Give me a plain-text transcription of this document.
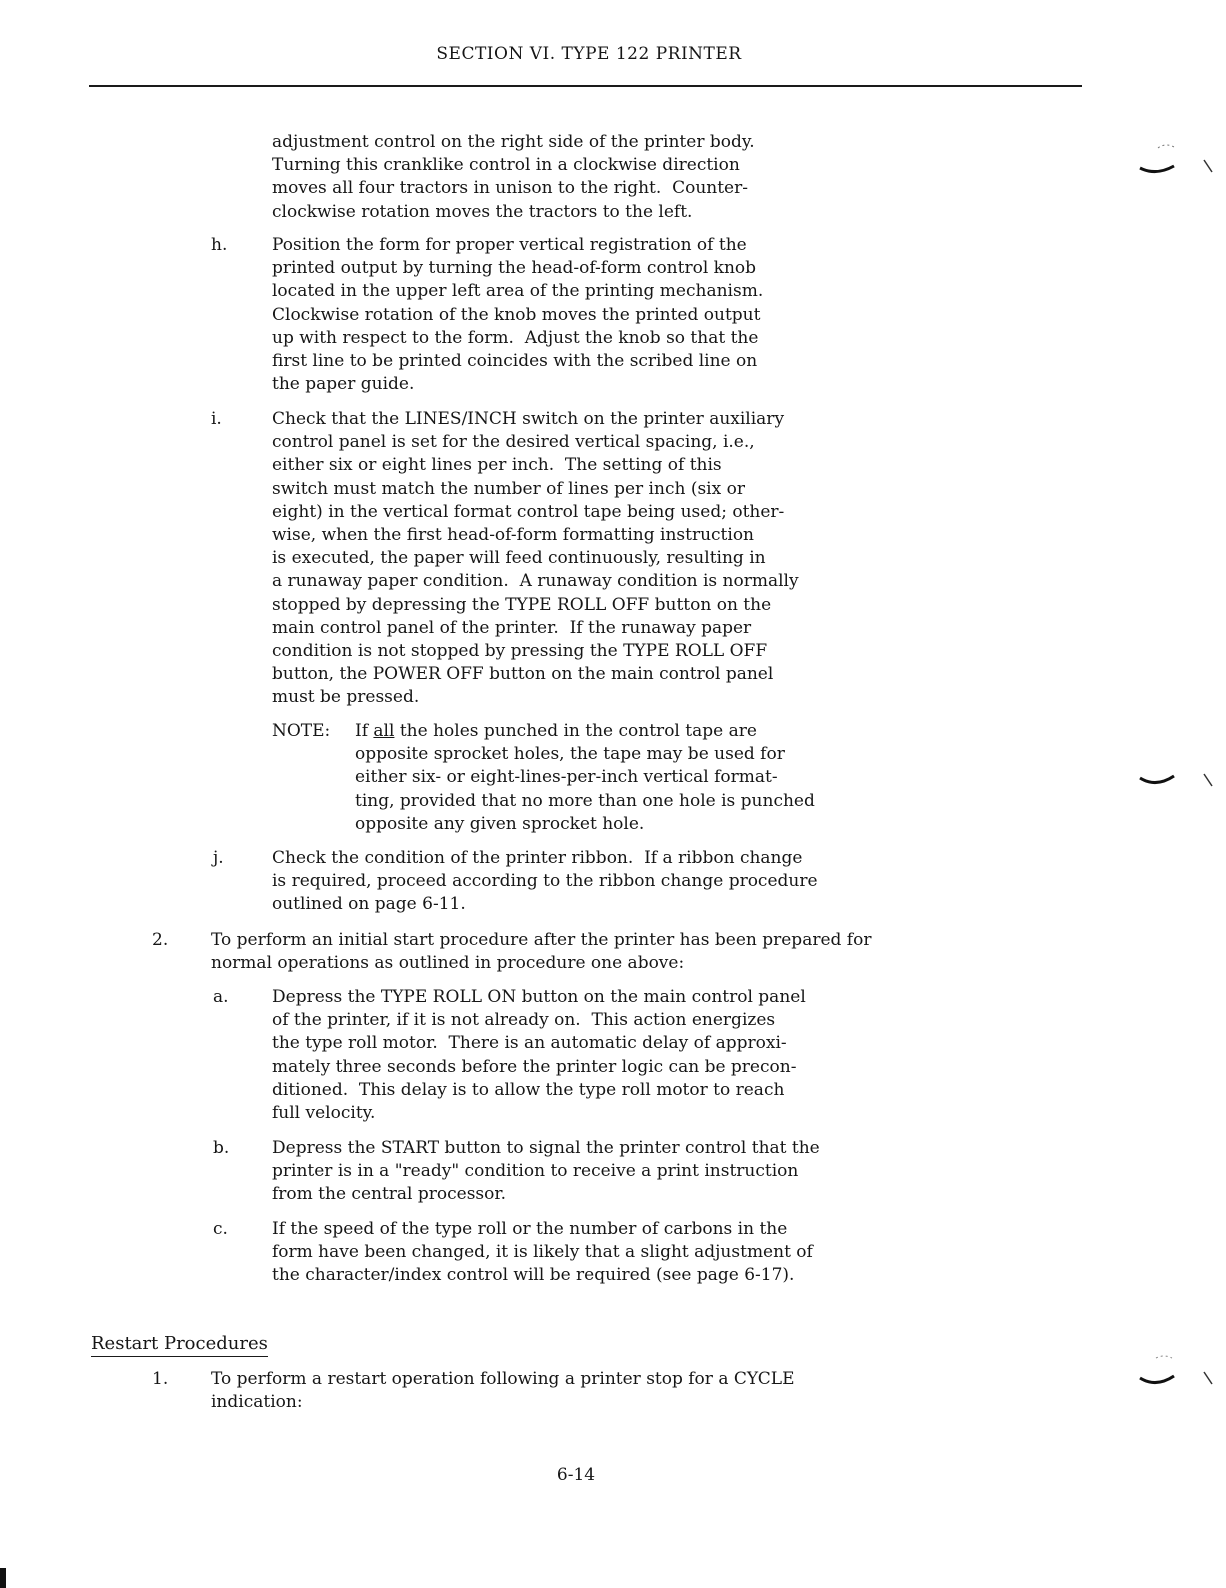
SECTION VI. TYPE 122 PRINTER
adjustment control on the right side of the printer body.
Turning this cranklike control in a clockwise direction
moves all four tractors in unison to the right.  Counter-
clockwise rotation moves the tractors to the left.
h.	Position the form for proper vertical registration of the
printed output by turning the head-of-form control knob
located in the upper left area of the printing mechanism.
Clockwise rotation of the knob moves the printed output
up with respect to the form.  Adjust the knob so that the
first line to be printed coincides with the scribed line on
the paper guide.
i.	Check that the LINES/INCH switch on the printer auxiliary
control panel is set for the desired vertical spacing, i.e.,
either six or eight lines per inch.  The setting of this
switch must match the number of lines per inch (six or
eight) in the vertical format control tape being used; other-
wise, when the first head-of-form formatting instruction
is executed, the paper will feed continuously, resulting in
a runaway paper condition.  A runaway condition is normally
stopped by depressing the TYPE ROLL OFF button on the
main control panel of the printer.  If the runaway paper
condition is not stopped by pressing the TYPE ROLL OFF
button, the POWER OFF button on the main control panel
must be pressed.
NOTE: If all the holes punched in the control tape are
opposite sprocket holes, the tape may be used for
either six- or eight-lines-per-inch vertical format-
ting, provided that no more than one hole is punched
opposite any given sprocket hole.
j.	Check the condition of the printer ribbon.  If a ribbon change
is required, proceed according to the ribbon change procedure
outlined on page 6-11.
2.	To perform an initial start procedure after the printer has been prepared for
normal operations as outlined in procedure one above:
a.	Depress the TYPE ROLL ON button on the main control panel
of the printer, if it is not already on.  This action energizes
the type roll motor.  There is an automatic delay of approxi-
mately three seconds before the printer logic can be precon-
ditioned.  This delay is to allow the type roll motor to reach
full velocity.
b.	Depress the START button to signal the printer control that the
printer is in a "ready" condition to receive a print instruction
from the central processor.
c.	If the speed of the type roll or the number of carbons in the
form have been changed, it is likely that a slight adjustment of
the character/index control will be required (see page 6-17).
Restart Procedures
1.	To perform a restart operation following a printer stop for a CYCLE
indication:
6-14
